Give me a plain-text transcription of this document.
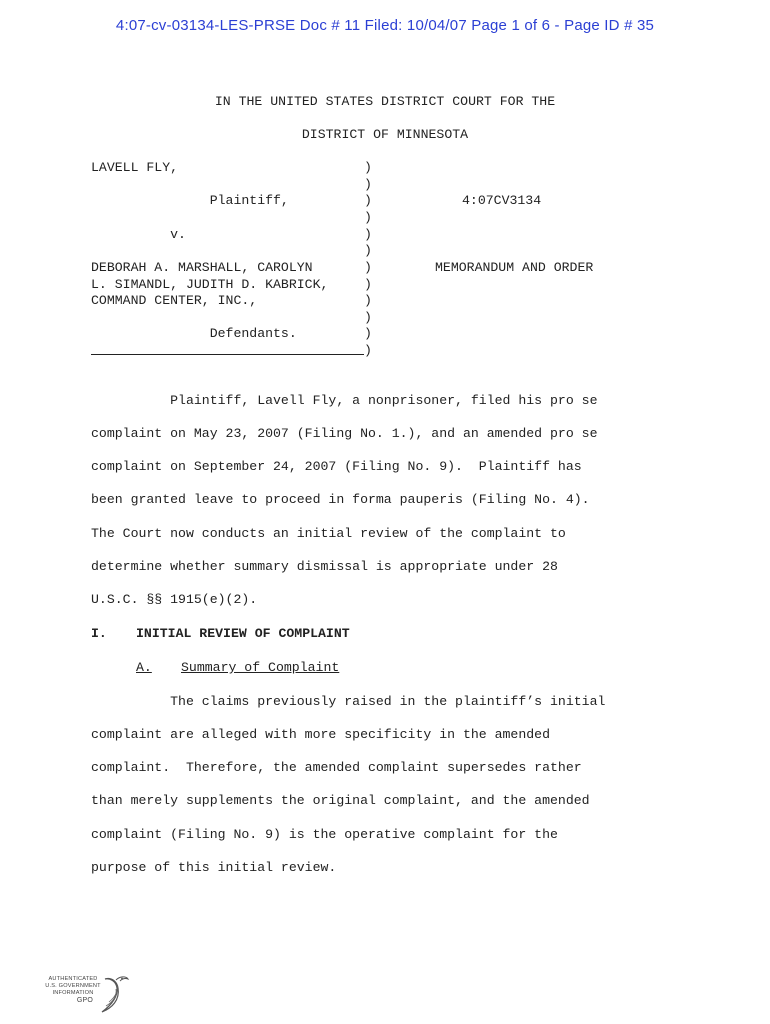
4:07-cv-03134-LES-PRSE Doc # 11 Filed: 10/04/07 Page 1 of 6 - Page ID # 35
IN THE UNITED STATES DISTRICT COURT FOR THE
DISTRICT OF MINNESOTA
LAVELL FLY,
Plaintiff,
v.
DEBORAH A. MARSHALL, CAROLYN
L. SIMANDL, JUDITH D. KABRICK,
COMMAND CENTER, INC.,
Defendants.
)
)
)
)
)
)
)
)
)
)
)
)
4:07CV3134
MEMORANDUM AND ORDER
Plaintiff, Lavell Fly, a nonprisoner, filed his pro se
complaint on May 23, 2007 (Filing No. 1.), and an amended pro se
complaint on September 24, 2007 (Filing No. 9).  Plaintiff has
been granted leave to proceed in forma pauperis (Filing No. 4).
The Court now conducts an initial review of the complaint to
determine whether summary dismissal is appropriate under 28
U.S.C. §§ 1915(e)(2).
I. INITIAL REVIEW OF COMPLAINT
A. Summary of Complaint
The claims previously raised in the plaintiff’s initial
complaint are alleged with more specificity in the amended
complaint.  Therefore, the amended complaint supersedes rather
than merely supplements the original complaint, and the amended
complaint (Filing No. 9) is the operative complaint for the
purpose of this initial review.
AUTHENTICATED
U.S. GOVERNMENT
INFORMATION
GPO
